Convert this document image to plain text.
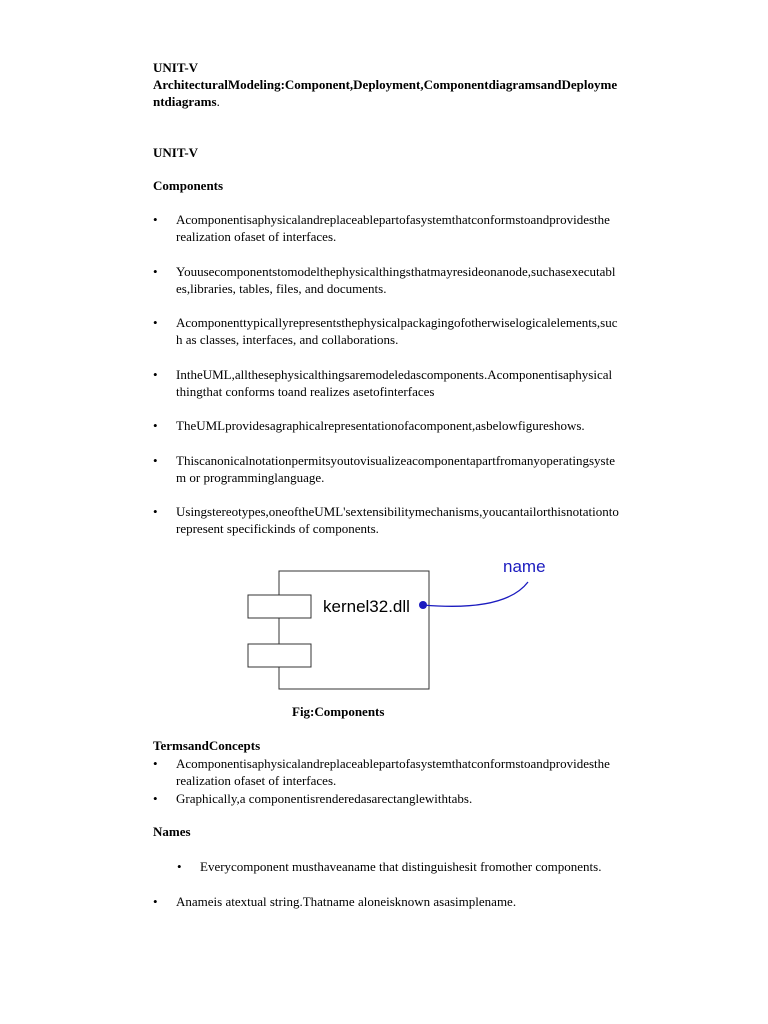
UNIT-V
ArchitecturalModeling:Component,Deployment,ComponentdiagramsandDeployme
ntdiagrams.
UNIT-V
Components
•	Acomponentisaphysicalandreplaceablepartofasystemthatconformstoandprovidesthe
realization ofaset of interfaces.
•	Youusecomponentstomodelthephysicalthingsthatmayresideonanode,suchasexecutabl
es,libraries, tables, files, and documents.
•	Acomponenttypicallyrepresentsthephysicalpackagingofotherwiselogicalelements,suc
h as classes, interfaces, and collaborations.
•	IntheUML,allthesephysicalthingsaremodeledascomponents.Acomponentisaphysical
thingthat conforms toand realizes asetofinterfaces
•	TheUMLprovidesagraphicalrepresentationofacomponent,asbelowfigureshows.
•	Thiscanonicalnotationpermitsyoutovisualizeacomponentapartfromanyoperatingsyste
m or programminglanguage.
•	Usingstereotypes,oneoftheUML'sextensibilitymechanisms,youcantailorthisnotationto
represent specifickinds of components.
kernel32.dll
name
Fig:Components
TermsandConcepts
•	Acomponentisaphysicalandreplaceablepartofasystemthatconformstoandprovidesthe
realization ofaset of interfaces.
•	Graphically,a componentisrenderedasarectanglewithtabs.
Names
• Everycomponent musthaveaname that distinguishesit fromother components.
•	Anameis atextual string.Thatname aloneisknown asasimplename.
